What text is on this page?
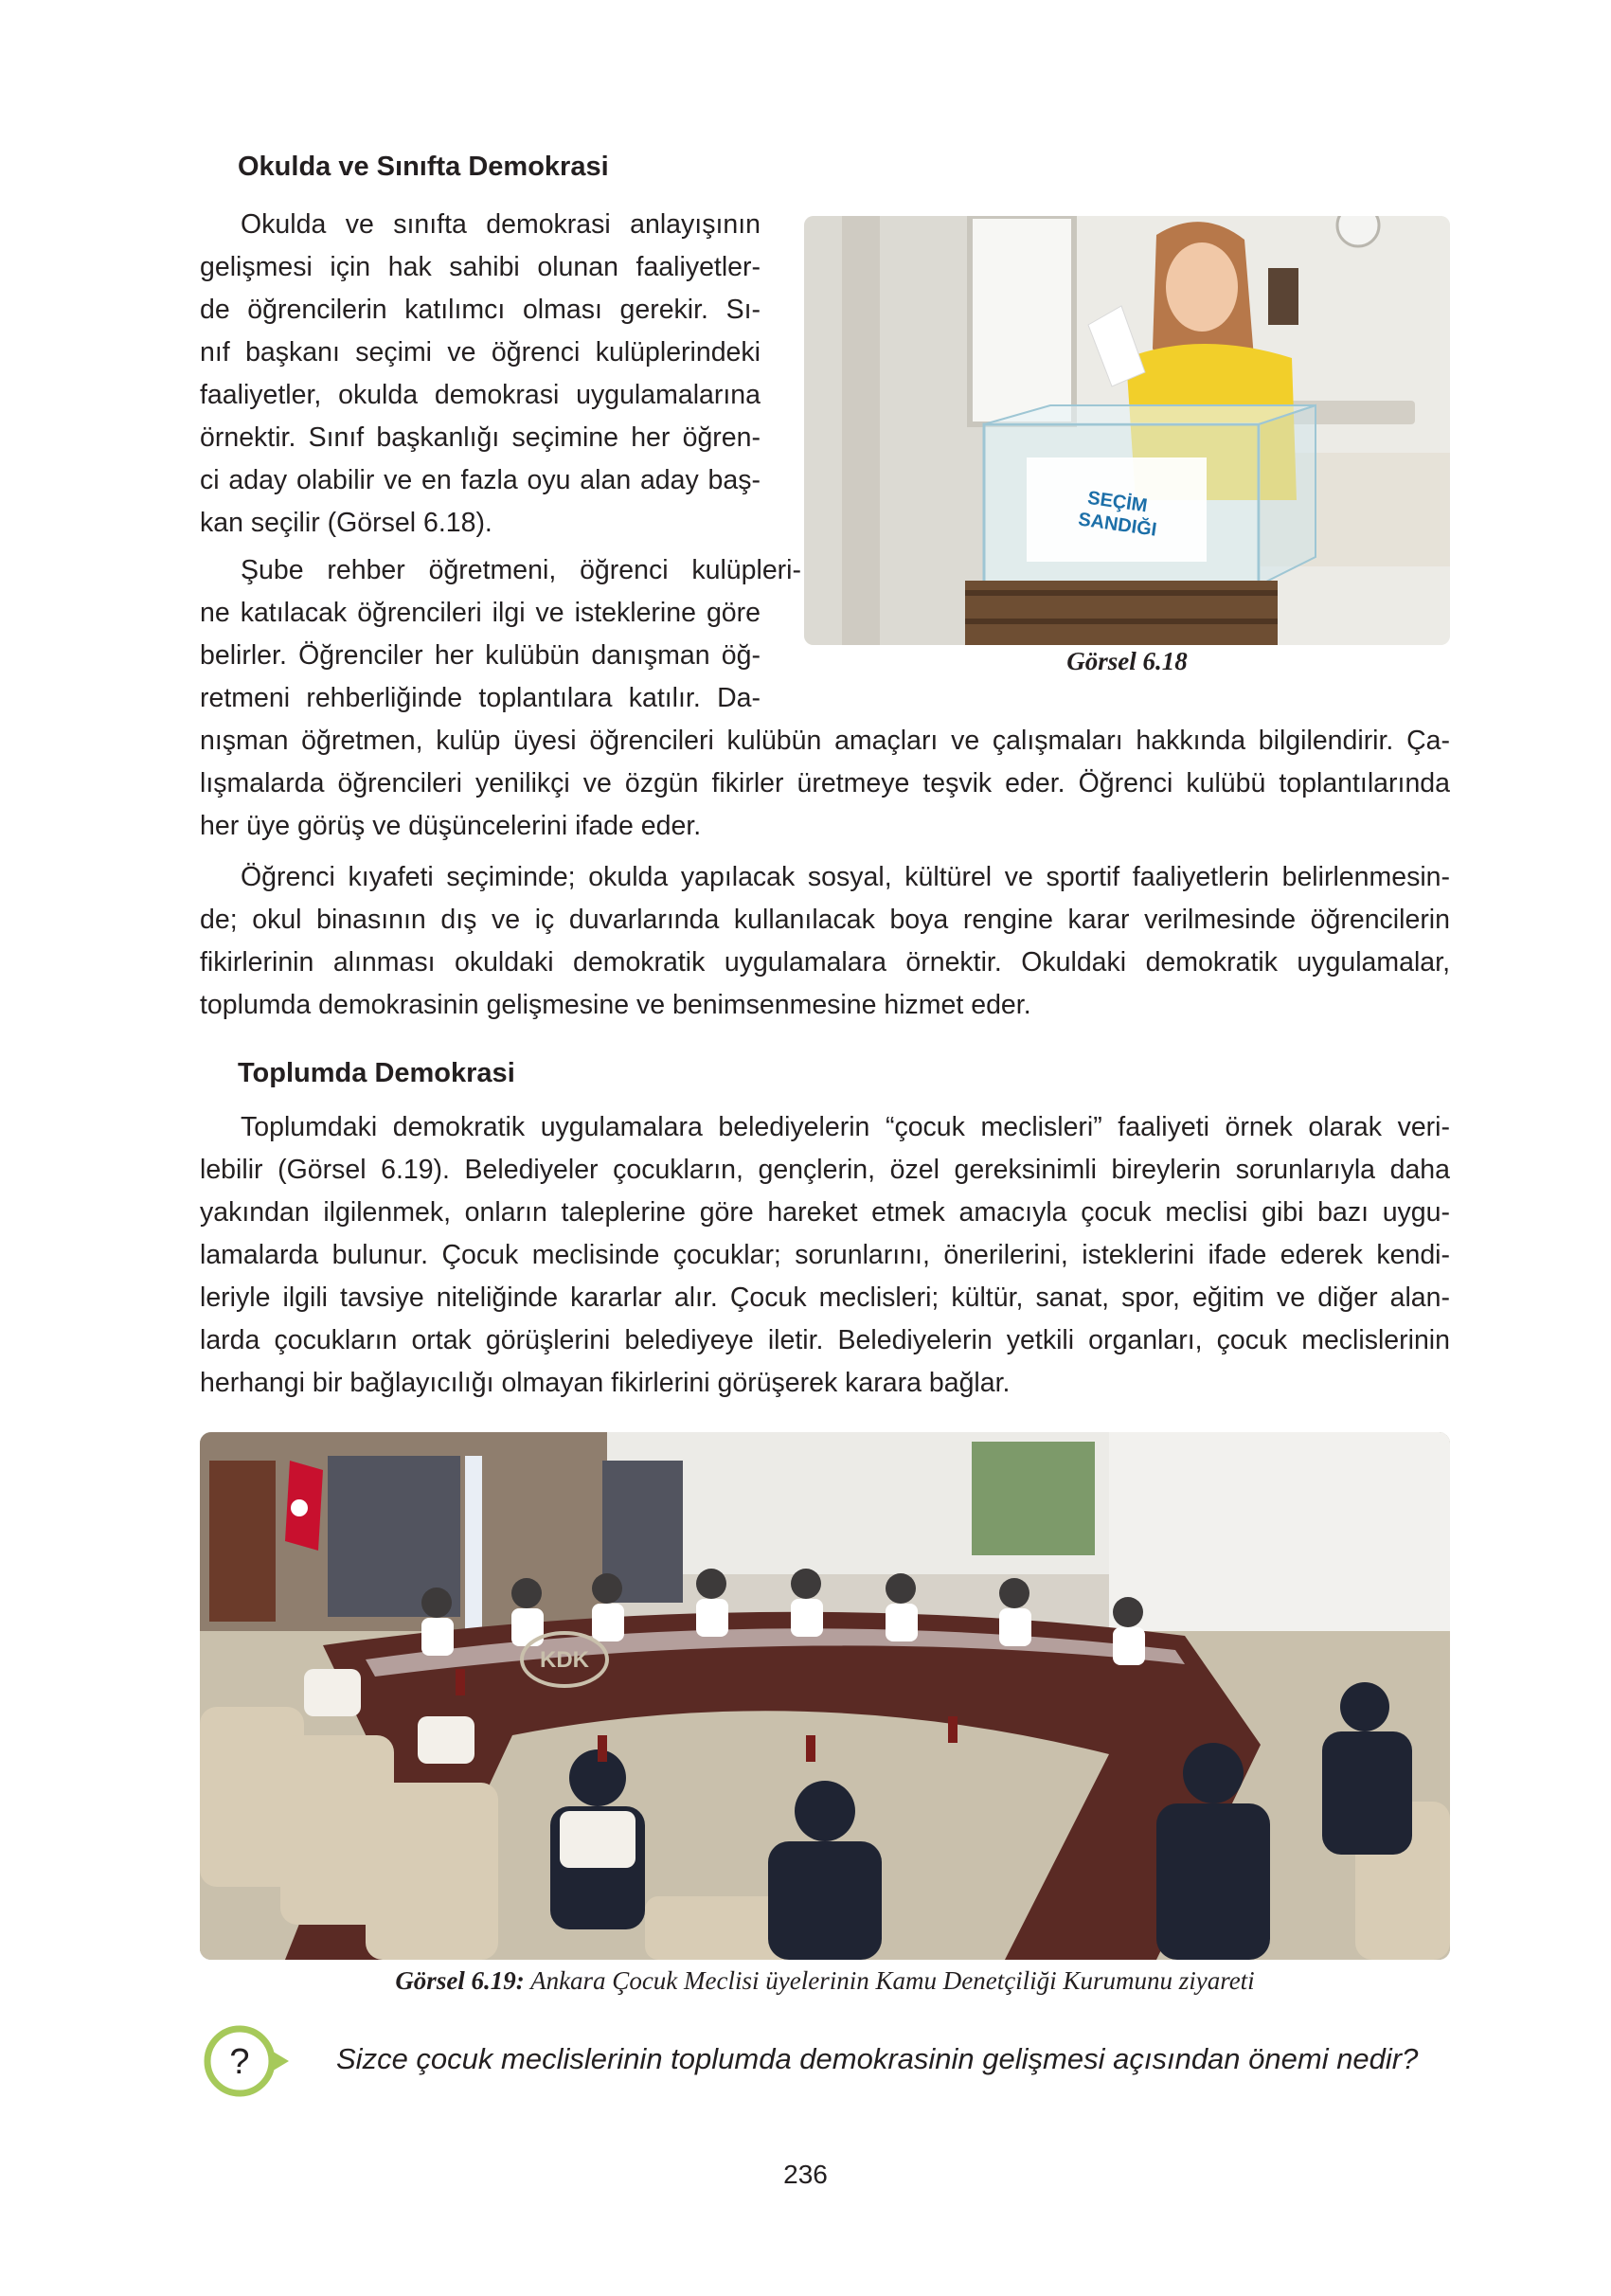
Okulda ve Sınıfta Demokrasi

Okulda ve sınıfta demokrasi anlayışının
gelişmesi için hak sahibi olunan faaliyetler-
de öğrencilerin katılımcı olması gerekir. Sı-
nıf başkanı seçimi ve öğrenci kulüplerindeki
faaliyetler, okulda demokrasi uygulamalarına
örnektir. Sınıf başkanlığı seçimine her öğren-
ci aday olabilir ve en fazla oyu alan aday baş-
kan seçilir (Görsel 6.18).

Şube rehber öğretmeni, öğrenci kulüpleri-
ne katılacak öğrencileri ilgi ve isteklerine göre
belirler. Öğrenciler her kulübün danışman öğ-
retmeni rehberliğinde toplantılara katılır. Da-
nışman öğretmen, kulüp üyesi öğrencileri kulübün amaçları ve çalışmaları hakkında bilgilendirir. Ça-
lışmalarda öğrencileri yenilikçi ve özgün fikirler üretmeye teşvik eder. Öğrenci kulübü toplantılarında
her üye görüş ve düşüncelerini ifade eder.

Öğrenci kıyafeti seçiminde; okulda yapılacak sosyal, kültürel ve sportif faaliyetlerin belirlenmesin-
de; okul binasının dış ve iç duvarlarında kullanılacak boya rengine karar verilmesinde öğrencilerin
fikirlerinin alınması okuldaki demokratik uygulamalara örnektir. Okuldaki demokratik uygulamalar,
toplumda demokrasinin gelişmesine ve benimsenmesine hizmet eder.

Toplumda Demokrasi

Toplumdaki demokratik uygulamalara belediyelerin “çocuk meclisleri” faaliyeti örnek olarak veri-
lebilir (Görsel 6.19). Belediyeler çocukların, gençlerin, özel gereksinimli bireylerin sorunlarıyla daha
yakından ilgilenmek, onların taleplerine göre hareket etmek amacıyla çocuk meclisi gibi bazı uygu-
lamalarda bulunur. Çocuk meclisinde çocuklar; sorunlarını, önerilerini, isteklerini ifade ederek kendi-
leriyle ilgili tavsiye niteliğinde kararlar alır. Çocuk meclisleri; kültür, sanat, spor, eğitim ve diğer alan-
larda çocukların ortak görüşlerini belediyeye iletir. Belediyelerin yetkili organları, çocuk meclislerinin
herhangi bir bağlayıcılığı olmayan fikirlerini görüşerek karara bağlar.

SEÇİM
SANDIĞI
Görsel 6.18
KDK
Görsel 6.19: Ankara Çocuk Meclisi üyelerinin Kamu Denetçiliği Kurumunu ziyareti
?	Sizce çocuk meclislerinin toplumda demokrasinin gelişmesi açısından önemi nedir?
236
